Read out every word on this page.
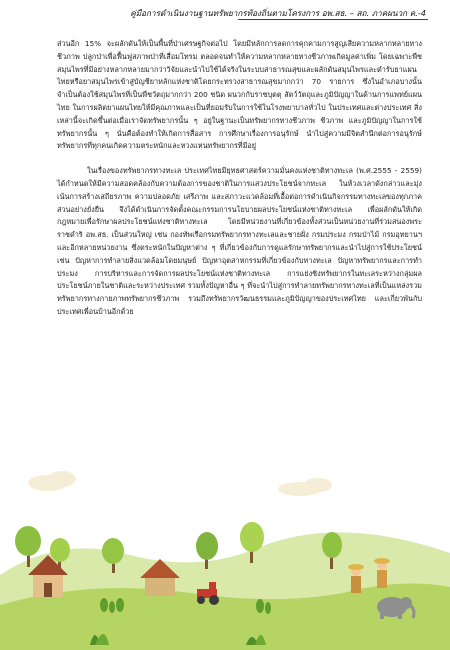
คู่มือการดำเนินงานฐานทรัพยากรท้องถิ่นตามโครงการ อพ.สธ. – สถ. ภาคผนวก ค.-4

ส่วนอีก 15% จะผลักดันให้เป็นพื้นที่ป่าเศรษฐกิจต่อไป โดยมีหลักการลดการคุกคามการสูญเสียความหลากหลายทางชีวภาพ ปลูกป่าเพื่อฟื้นฟูสภาพป่าที่เสื่อมโทรม ตลอดจนทำให้ความหลากหลายทางชีวภาพเกิดมูลค่าเพิ่ม โดยเฉพาะพืชสมุนไพรที่มีอย่างหลากหลายมากว่าวิจัยและนำไปใช้ได้จริงในระบบสาธารณสุขและผลักดันสมุนไพรและตำรับยาแผนไทยหรือยาสมุนไพรเข้าสู่บัญชียาหลักแห่งชาติโดยกระทรวงสาธารณสุขมากกว่า 70 รายการ ซึ่งในอำเภอบางนั้นจำเป็นต้องใช้สมุนไพรที่เป็นพืชวัตถุมากกว่า 200 ชนิด ผนวกกับราชบุตตุ สัตว์วัตถุและภูมิปัญญาในด้านการแพทย์แผนไทย ในการผลิตยาแผนไทยให้มีคุณภาพและเป็นที่ยอมรับในการใช้ในโรงพยาบาลทั่วไป ในประเทศและต่างประเทศ สิ่งเหล่านี้จะเกิดขึ้นต่อเมื่อเราจัดทรัพยากรนั้น ๆ อยู่ในฐานะเป็นทรัพยากรทางชีวภาพ ชีวภาพ และภูมิปัญญาในการใช้ทรัพยากรนั้น ๆ นั่นคือต้องทำให้เกิดการสื่อสาร การศึกษาเรื่องการอนุรักษ์ นำไปสู่ความมีจิตสำนึกต่อการอนุรักษ์ทรัพยากรที่ทุกคนเกิดความตระหนักและหวงแหนทรัพยากรที่มีอยู่

ในเรื่องของทรัพยากรทางทะเล ประเทศไทยมียุทธศาสตร์ความมั่นคงแห่งชาติทางทะเล (พ.ศ.2555 - 2559) ได้กำหนดให้มีความสอดคล้องกับความต้องการของชาติในการแสวงประโยชน์จากทะเล ในห้วงเวลาดังกล่าวและมุ่งเน้นการสร้างเสถียรภาพ ความปลอดภัย เสรีภาพ และสภาวะแวดล้อมที่เอื้อต่อการดำเนินกิจกรรมทางทะเลของทุกภาคส่วนอย่างยั่งยืน จึงได้ดำเนินการจัดตั้งคณะกรรมการนโยบายผลประโยชน์แห่งชาติทางทะเล เพื่อผลักดันให้เกิดกฎหมายเพื่อรักษาผลประโยชน์แห่งชาติทางทะเล โดยมีหน่วยงานที่เกี่ยวข้องทั้งส่วนเป็นหน่วยงานที่ร่วมสนองพระราชดำริ อพ.สธ. เป็นส่วนใหญ่ เช่น กองทัพเรือกรมทรัพยากรทางทะเลและชายฝั่ง กรมประมง กรมป่าไม้ กรมอุทยานฯ และอีกหลายหน่วยงาน ซึ่งตระหนักในปัญหาต่าง ๆ ที่เกี่ยวข้องกับการดูแลรักษาทรัพยากรและนำไปสู่การใช้ประโยชน์ เช่น ปัญหาการทำลายสิ่งแวดล้อมโดยมนุษย์ ปัญหาอุตสาหกรรมที่เกี่ยวข้องกับทางทะเล ปัญหาทรัพยากรและการทำประมง การบริหารและการจัดการผลประโยชน์แห่งชาติทางทะเล การแย่งชิงทรัพยากรในทะเลระหว่างกลุ่มผลประโยชน์ภายในชาติและระหว่างประเทศ รวมทั้งปัญหาอื่น ๆ ที่จะนำไปสู่การทำลายทรัพยากรทางทะเลที่เป็นแหล่งรวมทรัพยากรทางกายภาพทรัพยากรชีวภาพ รวมถึงทรัพยากรวัฒนธรรมและภูมิปัญญาของประเทศไทย และเกี่ยวพันกับประเทศเพื่อนบ้านอีกด้วย
